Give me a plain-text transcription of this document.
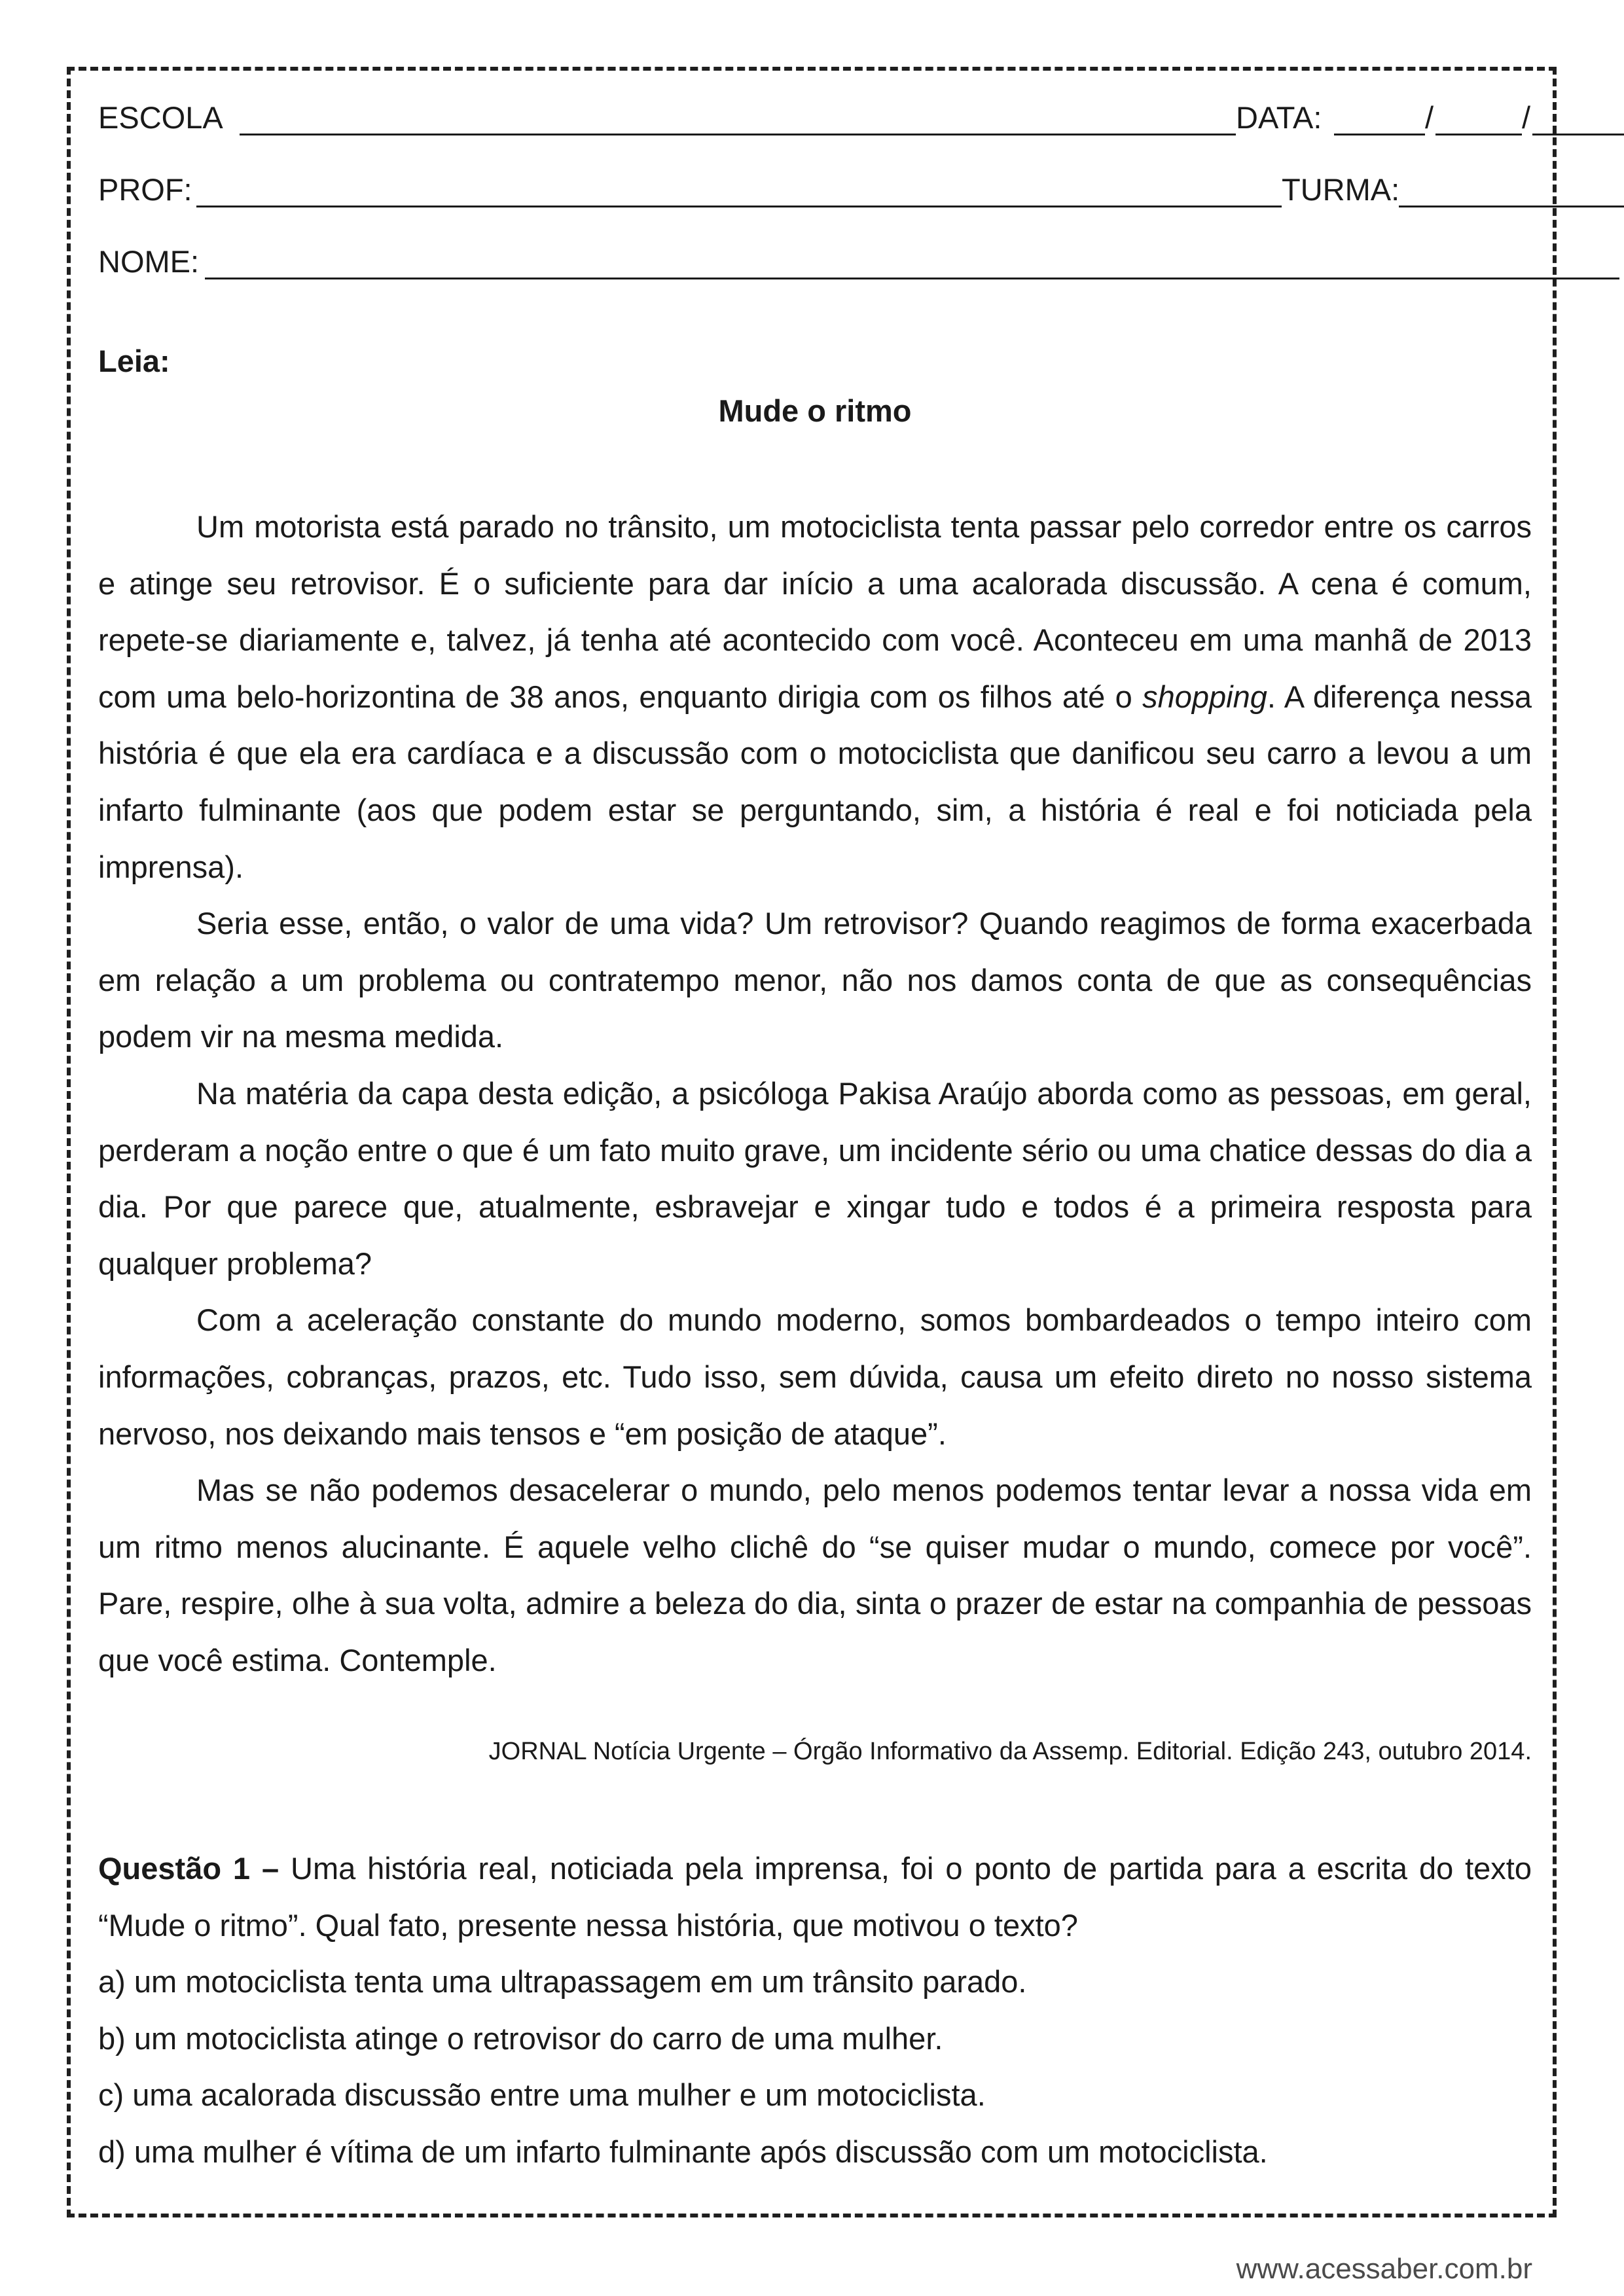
ESCOLA	DATA:	/	/
PROF:	TURMA:
NOME:
Leia:
Mude o ritmo

Um motorista está parado no trânsito, um motociclista tenta passar pelo corredor entre os carros e atinge seu retrovisor. É o suficiente para dar início a uma acalorada discussão. A cena é comum, repete-se diariamente e, talvez, já tenha até acontecido com você. Aconteceu em uma manhã de 2013 com uma belo-horizontina de 38 anos, enquanto dirigia com os filhos até o shopping. A diferença nessa história é que ela era cardíaca e a discussão com o motociclista que danificou seu carro a levou a um infarto fulminante (aos que podem estar se perguntando, sim, a história é real e foi noticiada pela imprensa).

Seria esse, então, o valor de uma vida? Um retrovisor? Quando reagimos de forma exacerbada em relação a um problema ou contratempo menor, não nos damos conta de que as consequências podem vir na mesma medida.

Na matéria da capa desta edição, a psicóloga Pakisa Araújo aborda como as pessoas, em geral, perderam a noção entre o que é um fato muito grave, um incidente sério ou uma chatice dessas do dia a dia. Por que parece que, atualmente, esbravejar e xingar tudo e todos é a primeira resposta para qualquer problema?

Com a aceleração constante do mundo moderno, somos bombardeados o tempo inteiro com informações, cobranças, prazos, etc. Tudo isso, sem dúvida, causa um efeito direto no nosso sistema nervoso, nos deixando mais tensos e “em posição de ataque”.

Mas se não podemos desacelerar o mundo, pelo menos podemos tentar levar a nossa vida em um ritmo menos alucinante. É aquele velho clichê do “se quiser mudar o mundo, comece por você”. Pare, respire, olhe à sua volta, admire a beleza do dia, sinta o prazer de estar na companhia de pessoas que você estima. Contemple.

JORNAL Notícia Urgente – Órgão Informativo da Assemp. Editorial. Edição 243, outubro 2014.
Questão 1 – Uma história real, noticiada pela imprensa, foi o ponto de partida para a escrita do texto “Mude o ritmo”. Qual fato, presente nessa história, que motivou o texto?
a) um motociclista tenta uma ultrapassagem em um trânsito parado.
b) um motociclista atinge o retrovisor do carro de uma mulher.
c) uma acalorada discussão entre uma mulher e um motociclista.
d) uma mulher é vítima de um infarto fulminante após discussão com um motociclista.
www.acessaber.com.br
